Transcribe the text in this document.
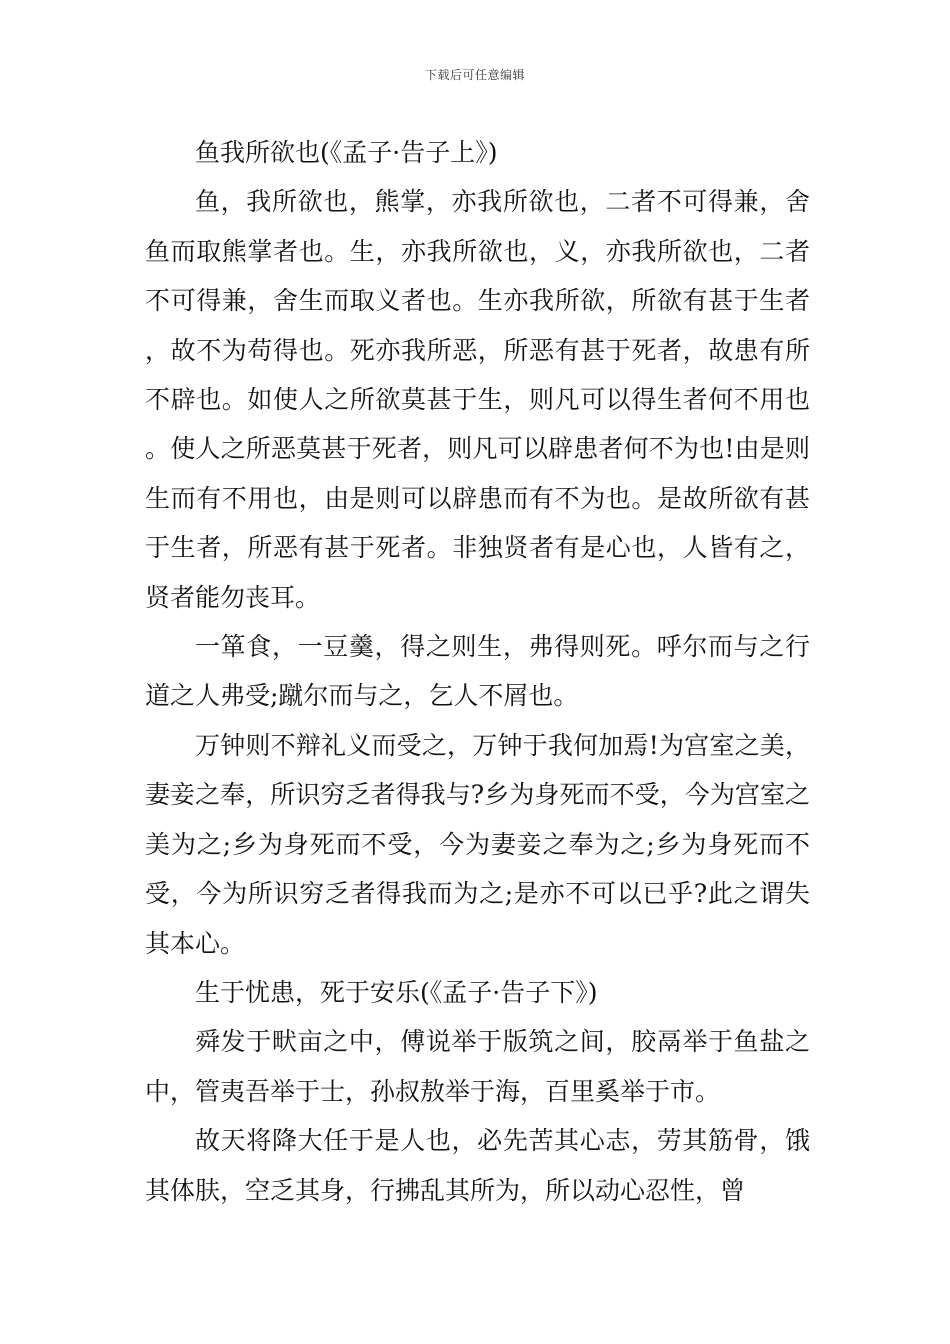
下载后可任意编辑

鱼我所欲也(《孟子·告子上》)

鱼，我所欲也，熊掌，亦我所欲也，二者不可得兼，舍鱼而取熊掌者也。生，亦我所欲也，义，亦我所欲也，二者不可得兼，舍生而取义者也。生亦我所欲，所欲有甚于生者，故不为苟得也。死亦我所恶，所恶有甚于死者，故患有所不辟也。如使人之所欲莫甚于生，则凡可以得生者何不用也。使人之所恶莫甚于死者，则凡可以辟患者何不为也!由是则生而有不用也，由是则可以辟患而有不为也。是故所欲有甚于生者，所恶有甚于死者。非独贤者有是心也，人皆有之，贤者能勿丧耳。

一箪食，一豆羹，得之则生，弗得则死。呼尔而与之行道之人弗受;蹴尔而与之，乞人不屑也。

万钟则不辩礼义而受之，万钟于我何加焉!为宫室之美，妻妾之奉，所识穷乏者得我与?乡为身死而不受，今为宫室之美为之;乡为身死而不受，今为妻妾之奉为之;乡为身死而不受，今为所识穷乏者得我而为之;是亦不可以已乎?此之谓失其本心。

生于忧患，死于安乐(《孟子·告子下》)

舜发于畎亩之中，傅说举于版筑之间，胶鬲举于鱼盐之中，管夷吾举于士，孙叔敖举于海，百里奚举于市。

故天将降大任于是人也，必先苦其心志，劳其筋骨，饿其体肤，空乏其身，行拂乱其所为，所以动心忍性，曾
